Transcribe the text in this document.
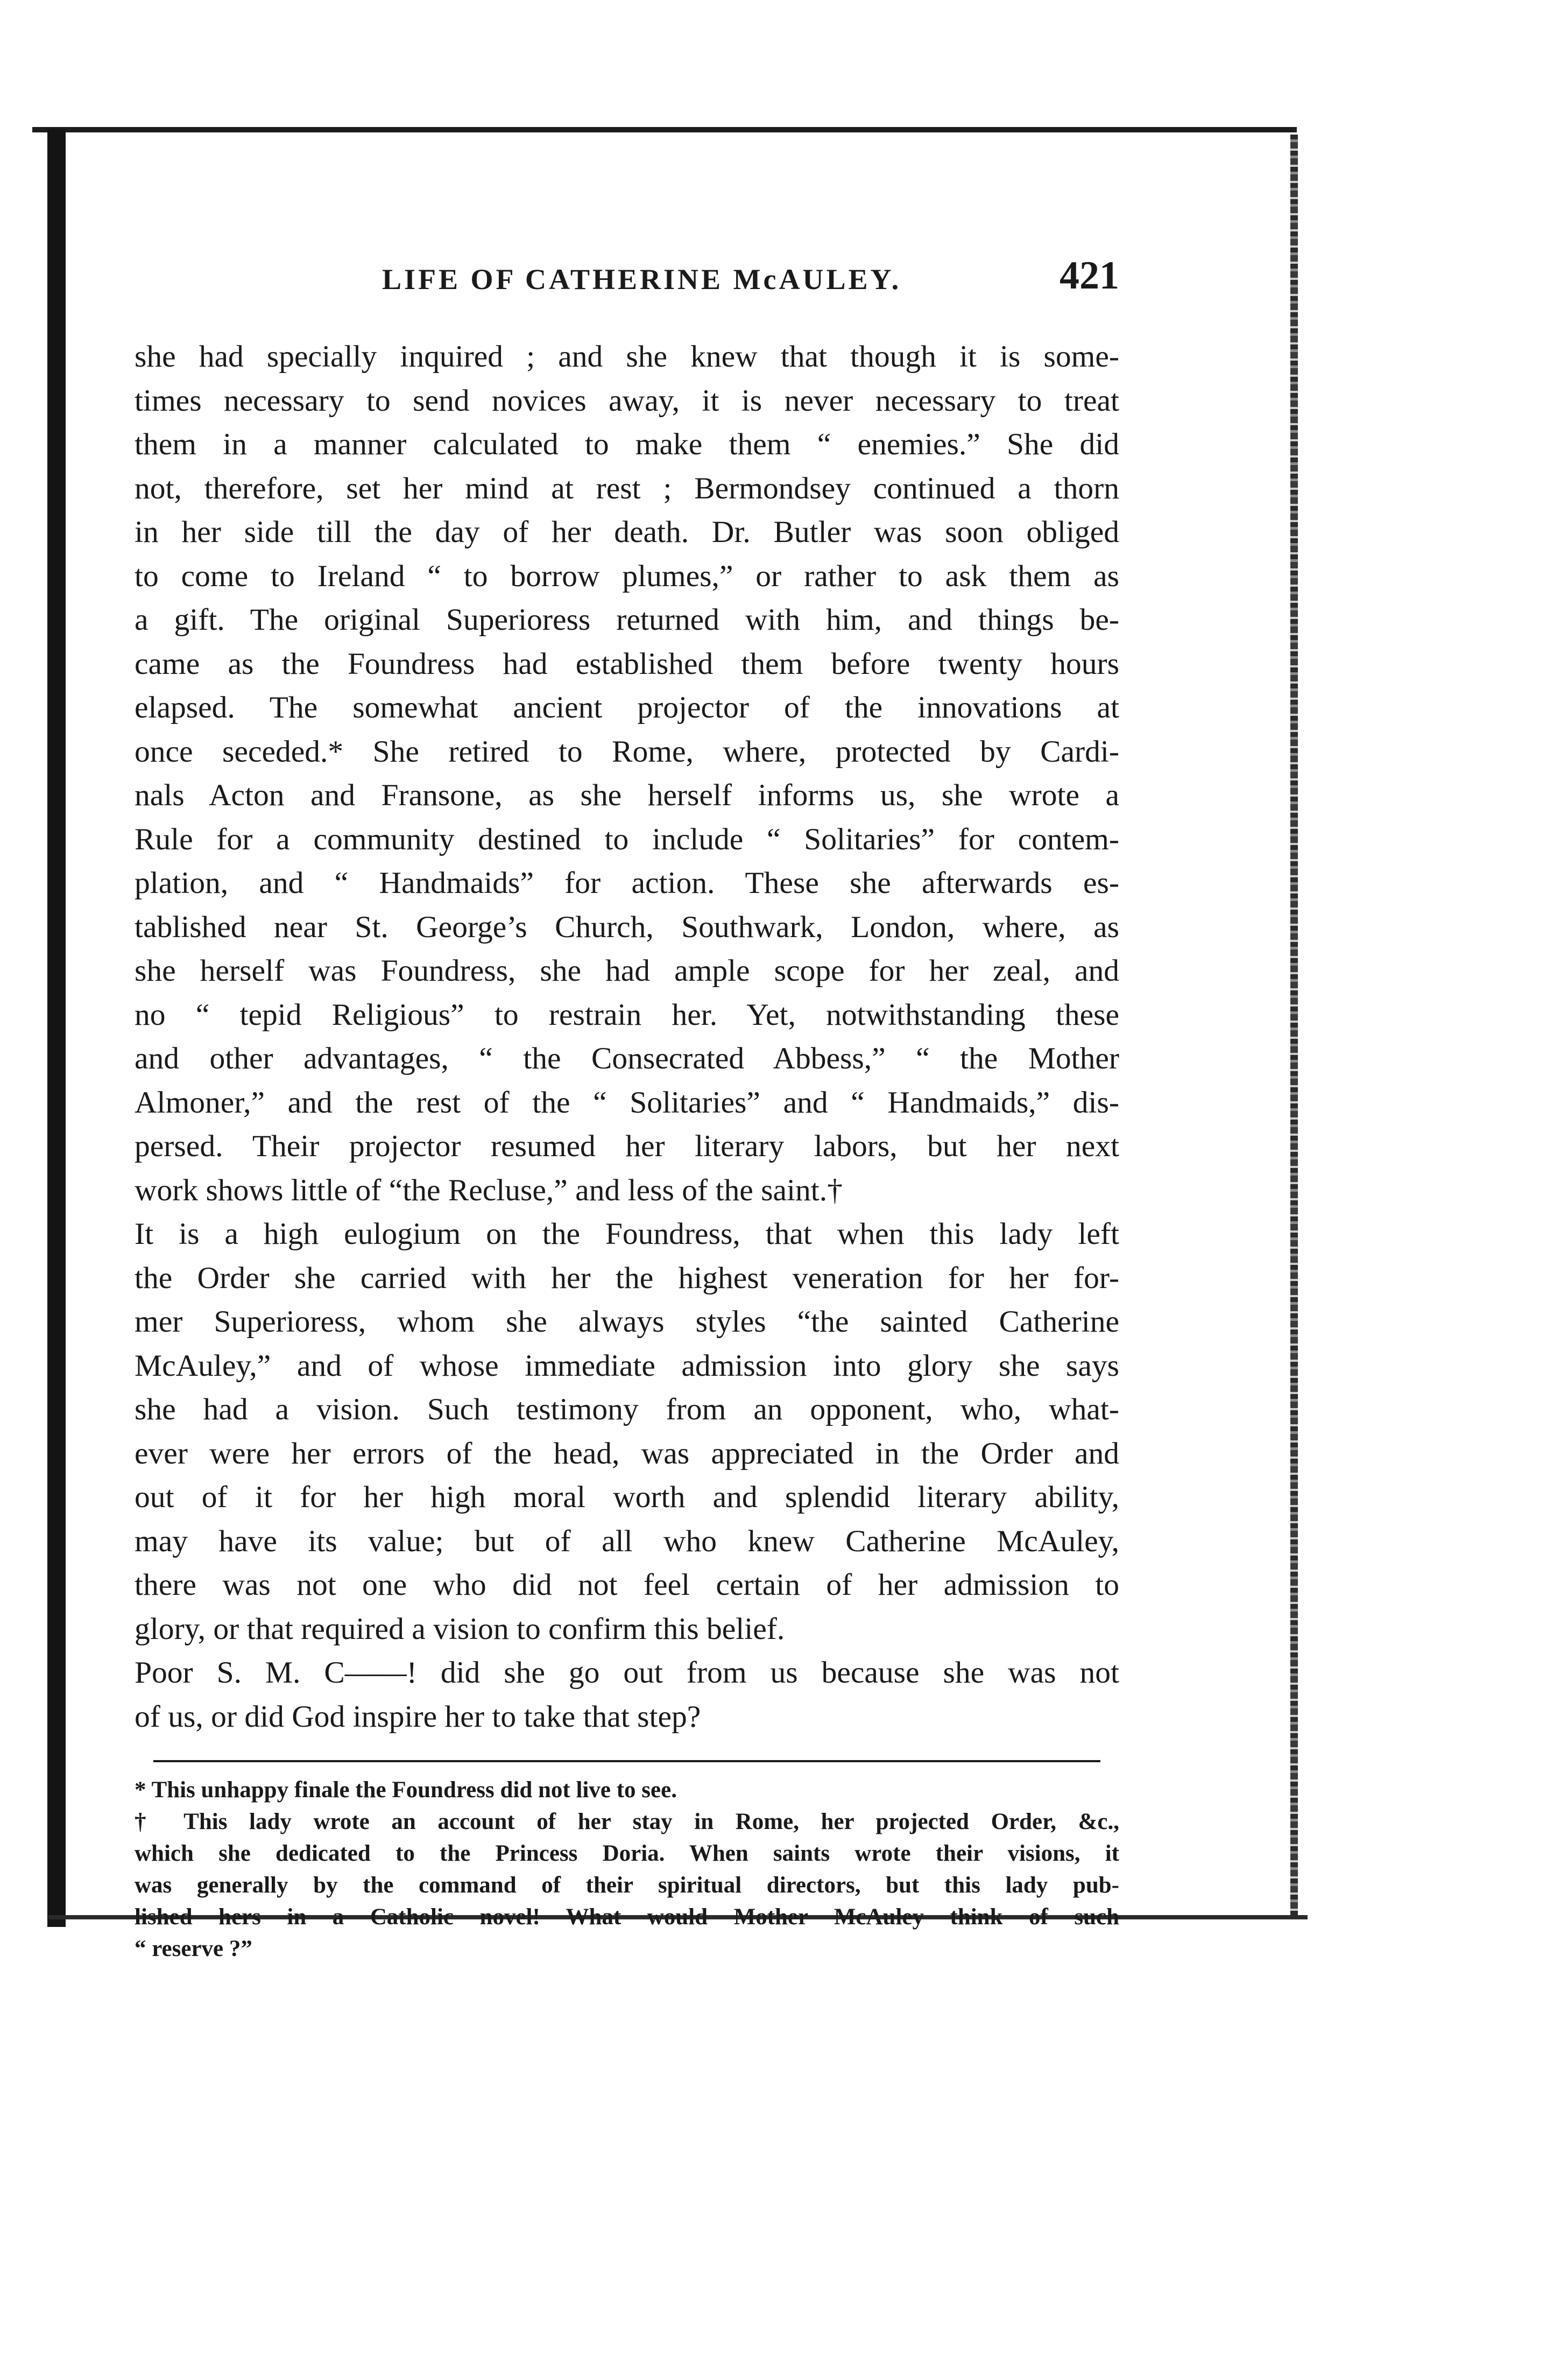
LIFE OF CATHERINE McAULEY.	421
she had specially inquired ; and she knew that though it is some-
times necessary to send novices away, it is never necessary to treat
them in a manner calculated to make them “ enemies.” She did
not, therefore, set her mind at rest ; Bermondsey continued a thorn
in her side till the day of her death. Dr. Butler was soon obliged
to come to Ireland “ to borrow plumes,” or rather to ask them as
a gift. The original Superioress returned with him, and things be-
came as the Foundress had established them before twenty hours
elapsed. The somewhat ancient projector of the innovations at
once seceded.* She retired to Rome, where, protected by Cardi-
nals Acton and Fransone, as she herself informs us, she wrote a
Rule for a community destined to include “ Solitaries” for contem-
plation, and “ Handmaids” for action. These she afterwards es-
tablished near St. George’s Church, Southwark, London, where, as
she herself was Foundress, she had ample scope for her zeal, and
no “ tepid Religious” to restrain her. Yet, notwithstanding these
and other advantages, “ the Consecrated Abbess,” “ the Mother
Almoner,” and the rest of the “ Solitaries” and “ Handmaids,” dis-
persed. Their projector resumed her literary labors, but her next
work shows little of “the Recluse,” and less of the saint.†
It is a high eulogium on the Foundress, that when this lady left
the Order she carried with her the highest veneration for her for-
mer Superioress, whom she always styles “the sainted Catherine
McAuley,” and of whose immediate admission into glory she says
she had a vision. Such testimony from an opponent, who, what-
ever were her errors of the head, was appreciated in the Order and
out of it for her high moral worth and splendid literary ability,
may have its value; but of all who knew Catherine McAuley,
there was not one who did not feel certain of her admission to
glory, or that required a vision to confirm this belief.
Poor S. M. C——! did she go out from us because she was not
of us, or did God inspire her to take that step?
* This unhappy finale the Foundress did not live to see.
† This lady wrote an account of her stay in Rome, her projected Order, &c.,
which she dedicated to the Princess Doria. When saints wrote their visions, it
was generally by the command of their spiritual directors, but this lady pub-
lished hers in a Catholic novel! What would Mother McAuley think of such
“ reserve ?”
